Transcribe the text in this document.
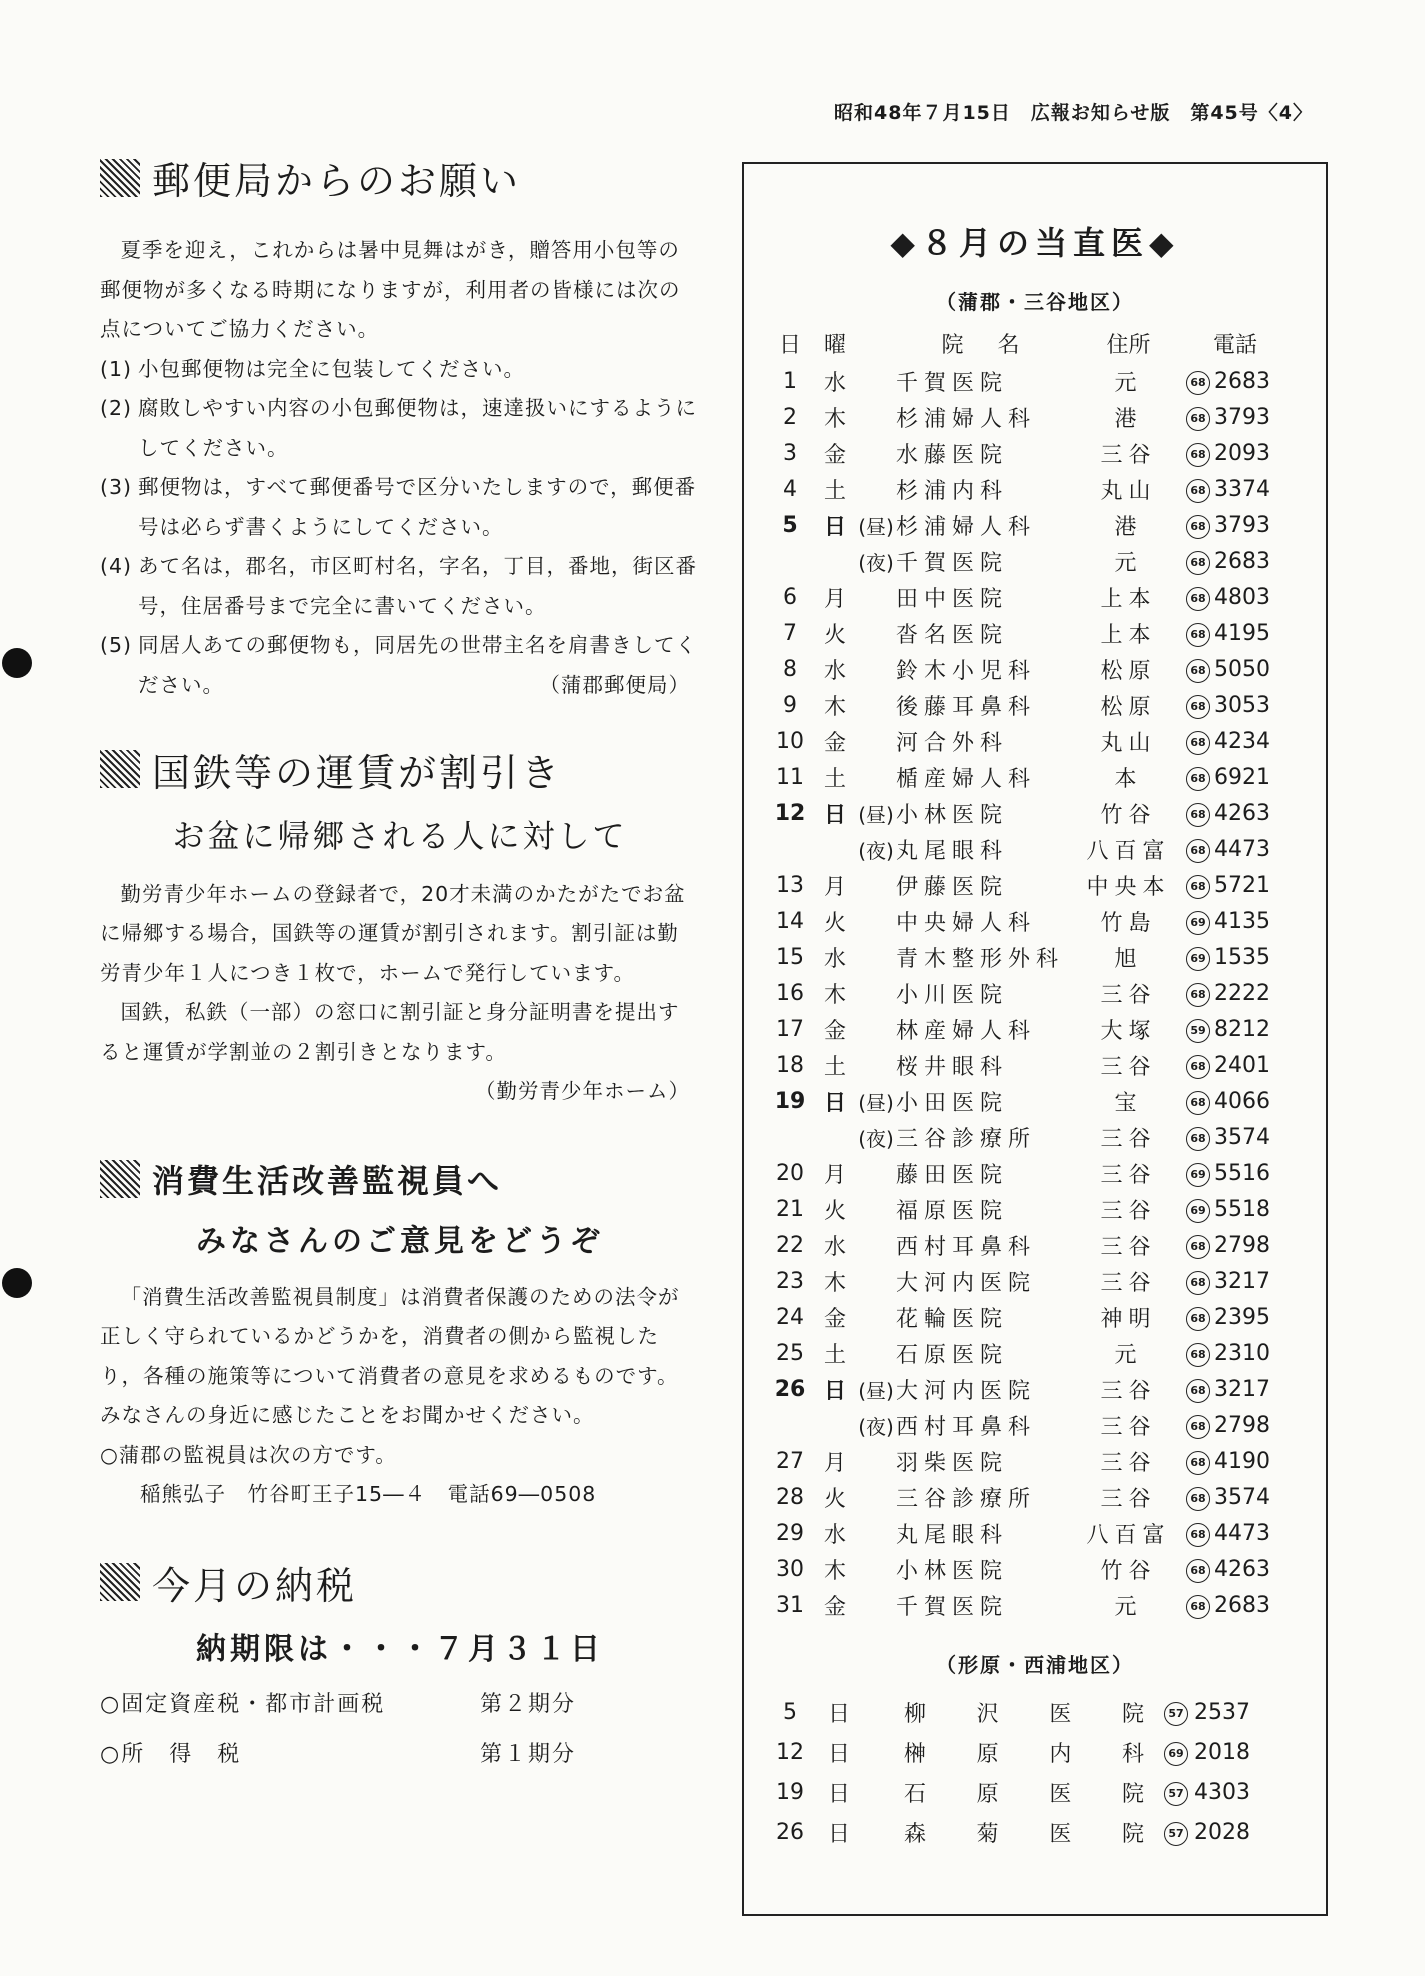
昭和48年７月15日　広報お知らせ版　第45号〈4〉
郵便局からのお願い
夏季を迎え，これからは暑中見舞はがき，贈答用小包等の郵便物が多くなる時期になりますが，利用者の皆様には次の点についてご協力ください。
(1) 小包郵便物は完全に包装してください。
(2) 腐敗しやすい内容の小包郵便物は，速達扱いにするようにしてください。
(3) 郵便物は，すべて郵便番号で区分いたしますので，郵便番号は必らず書くようにしてください。
(4) あて名は，郡名，市区町村名，字名，丁目，番地，街区番号，住居番号まで完全に書いてください。
(5) 同居人あての郵便物も，同居先の世帯主名を肩書きしてください。	（蒲郡郵便局）
国鉄等の運賃が割引き
お盆に帰郷される人に対して
勤労青少年ホームの登録者で，20才未満のかたがたでお盆に帰郷する場合，国鉄等の運賃が割引されます。割引証は勤労青少年１人につき１枚で，ホームで発行しています。
国鉄，私鉄（一部）の窓口に割引証と身分証明書を提出すると運賃が学割並の２割引きとなります。
（勤労青少年ホーム）
消費生活改善監視員へ
みなさんのご意見をどうぞ
「消費生活改善監視員制度」は消費者保護のための法令が正しく守られているかどうかを，消費者の側から監視したり，各種の施策等について消費者の意見を求めるものです。
みなさんの身近に感じたことをお聞かせください。
○蒲郡の監視員は次の方です。
稲熊弘子　竹谷町王子15―４　電話69―0508
今月の納税
納期限は・・・７月３１日
○固定資産税・都市計画税	第２期分
○所　得　税	第１期分
◆８月の当直医◆
（蒲郡・三谷地区）
日	曜	院　名	住所	電話
1	水	千賀医院	元	68 2683
2	木	杉浦婦人科	港	68 3793
3	金	水藤医院	三谷	68 2093
4	土	杉浦内科	丸山	68 3374
5	日 (昼) 杉浦婦人科	港	68 3793
(夜) 千賀医院	元	68 2683
6	月	田中医院	上本	68 4803
7	火	沓名医院	上本	68 4195
8	水	鈴木小児科	松原	68 5050
9	木	後藤耳鼻科	松原	68 3053
10 金	河合外科	丸山	68 4234
11 土	楯産婦人科	本	68 6921
12 日 (昼) 小林医院	竹谷	68 4263
(夜) 丸尾眼科	八百富	68 4473
13 月	伊藤医院	中央本	68 5721
14 火	中央婦人科	竹島	69 4135
15 水	青木整形外科	旭	69 1535
16 木	小川医院	三谷	68 2222
17 金	林産婦人科	大塚	59 8212
18 土	桜井眼科	三谷	68 2401
19 日 (昼) 小田医院	宝	68 4066
(夜) 三谷診療所	三谷	68 3574
20 月	藤田医院	三谷	69 5516
21 火	福原医院	三谷	69 5518
22 水	西村耳鼻科	三谷	68 2798
23 木	大河内医院	三谷	68 3217
24 金	花輪医院	神明	68 2395
25 土	石原医院	元	68 2310
26 日 (昼) 大河内医院	三谷	68 3217
(夜) 西村耳鼻科	三谷	68 2798
27 月	羽柴医院	三谷	68 4190
28 火	三谷診療所	三谷	68 3574
29 水	丸尾眼科	八百富	68 4473
30 木	小林医院	竹谷	68 4263
31 金	千賀医院	元	68 2683
（形原・西浦地区）
5	日	柳 沢 医 院	57 2537
12	日	榊 原 内 科	69 2018
19	日	石 原 医 院	57 4303
26	日	森 菊 医 院	57 2028
